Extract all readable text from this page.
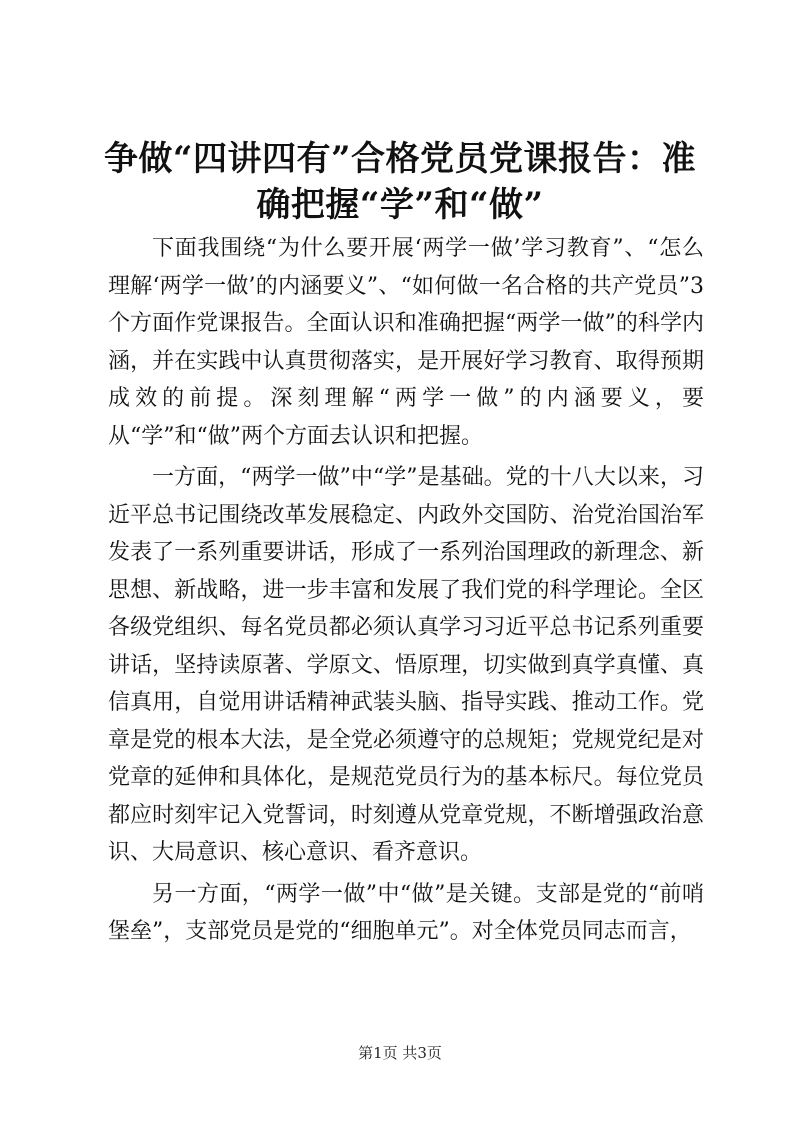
争做“四讲四有”合格党员党课报告：准确把握“学”和“做”

下面我围绕“为什么要开展‘两学一做’学习教育”、“怎么理解‘两学一做’的内涵要义”、“如何做一名合格的共产党员”3个方面作党课报告。全面认识和准确把握“两学一做”的科学内涵，并在实践中认真贯彻落实，是开展好学习教育、取得预期成效的前提。深刻理解“两学一做”的内涵要义，要从“学”和“做”两个方面去认识和把握。

一方面，“两学一做”中“学”是基础。党的十八大以来，习近平总书记围绕改革发展稳定、内政外交国防、治党治国治军发表了一系列重要讲话，形成了一系列治国理政的新理念、新思想、新战略，进一步丰富和发展了我们党的科学理论。全区各级党组织、每名党员都必须认真学习习近平总书记系列重要讲话，坚持读原著、学原文、悟原理，切实做到真学真懂、真信真用，自觉用讲话精神武装头脑、指导实践、推动工作。党章是党的根本大法，是全党必须遵守的总规矩；党规党纪是对党章的延伸和具体化，是规范党员行为的基本标尺。每位党员都应时刻牢记入党誓词，时刻遵从党章党规，不断增强政治意识、大局意识、核心意识、看齐意识。

另一方面，“两学一做”中“做”是关键。支部是党的“前哨堡垒”，支部党员是党的“细胞单元”。对全体党员同志而言，

第1页 共3页
